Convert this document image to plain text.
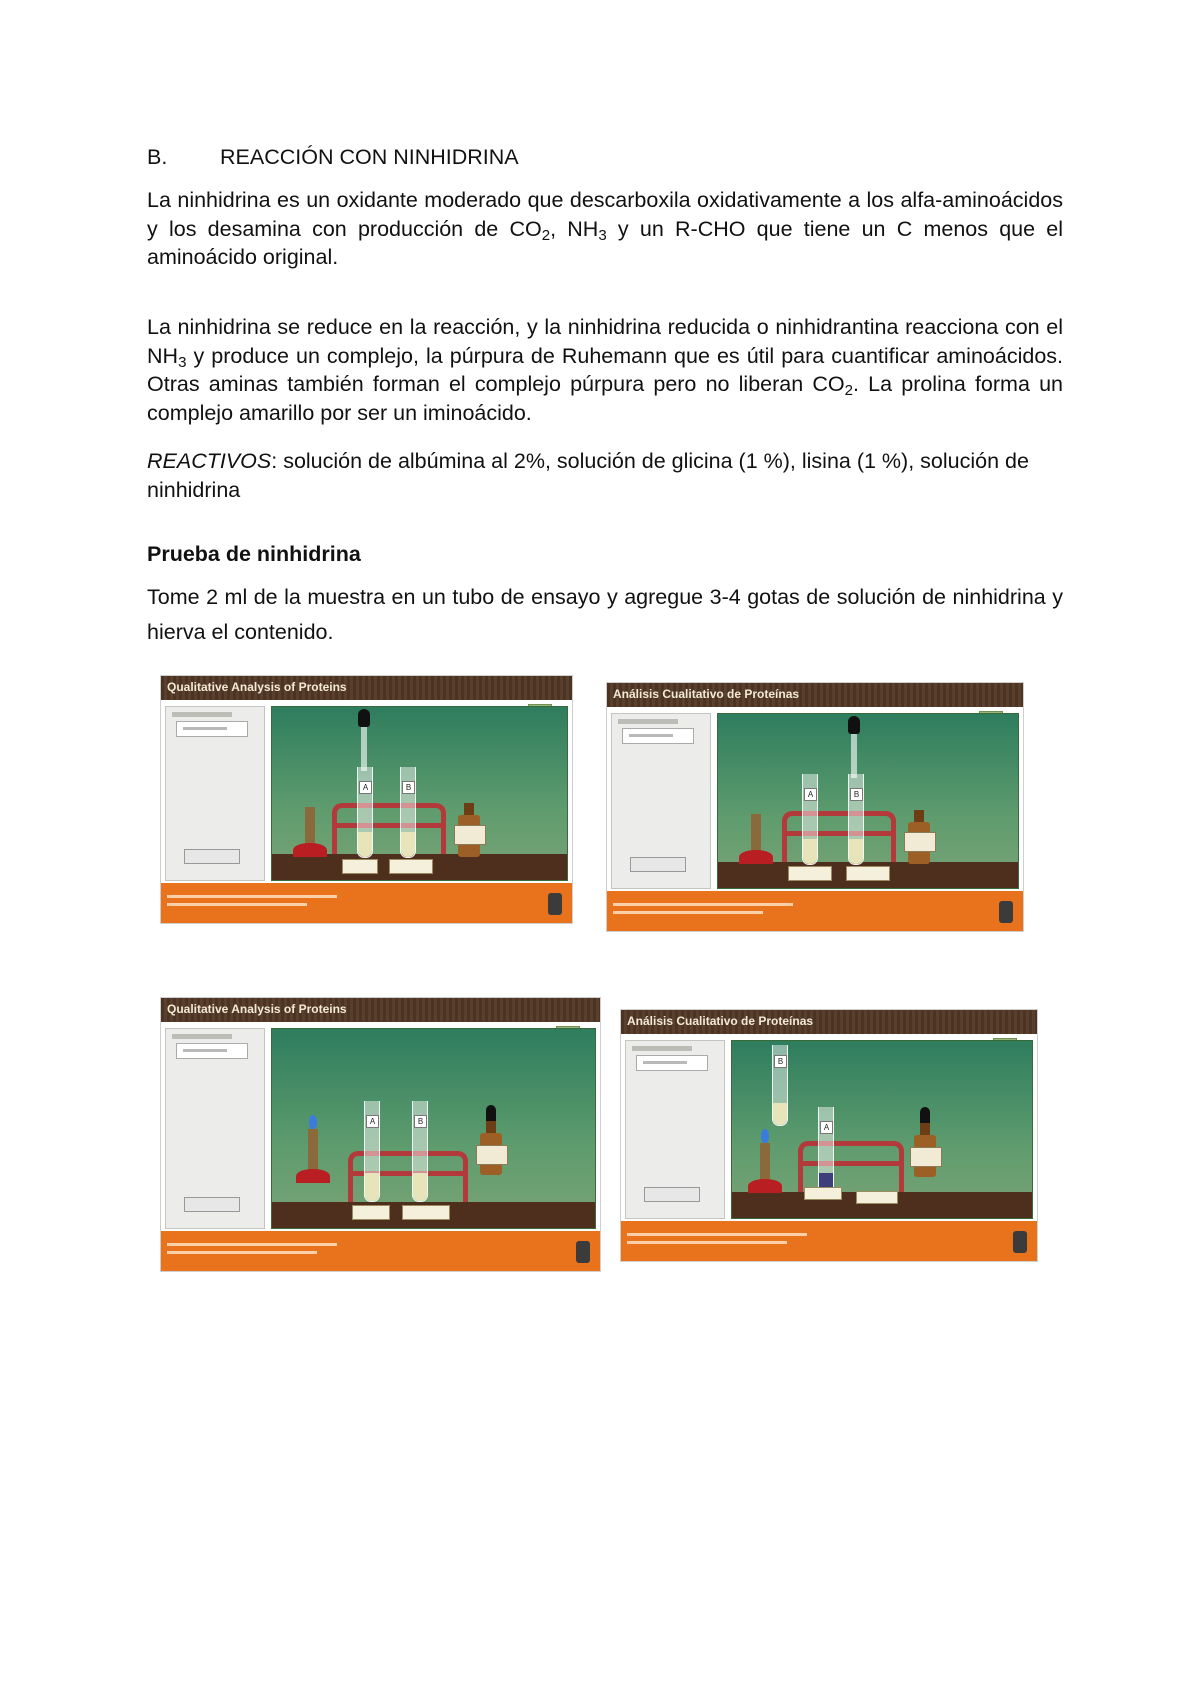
B. REACCIÓN CON NINHIDRINA
La ninhidrina es un oxidante moderado que descarboxila oxidativamente a los alfa-aminoácidos y los desamina con producción de $CO_2$, $NH_3$ y un R-CHO que tiene un C menos que el aminoácido original.
La ninhidrina se reduce en la reacción, y la ninhidrina reducida o ninhidrantina reacciona con el $NH_3$ y produce un complejo, la púrpura de Ruhemann que es útil para cuantificar aminoácidos. Otras aminas también forman el complejo púrpura pero no liberan $CO_2$. La prolina forma un complejo amarillo por ser un iminoácido.
REACTIVOS: solución de albúmina al 2%, solución de glicina (1 %), lisina (1 %), solución de ninhidrina
Prueba de ninhidrina
Tome 2 ml de la muestra en un tubo de ensayo y agregue 3-4 gotas de solución de ninhidrina y hierva el contenido.
Qualitative Analysis of Proteins
A	B
Análisis Cualitativo de Proteínas
A	B
Qualitative Analysis of Proteins
A	B
Análisis Cualitativo de Proteínas
B
A
